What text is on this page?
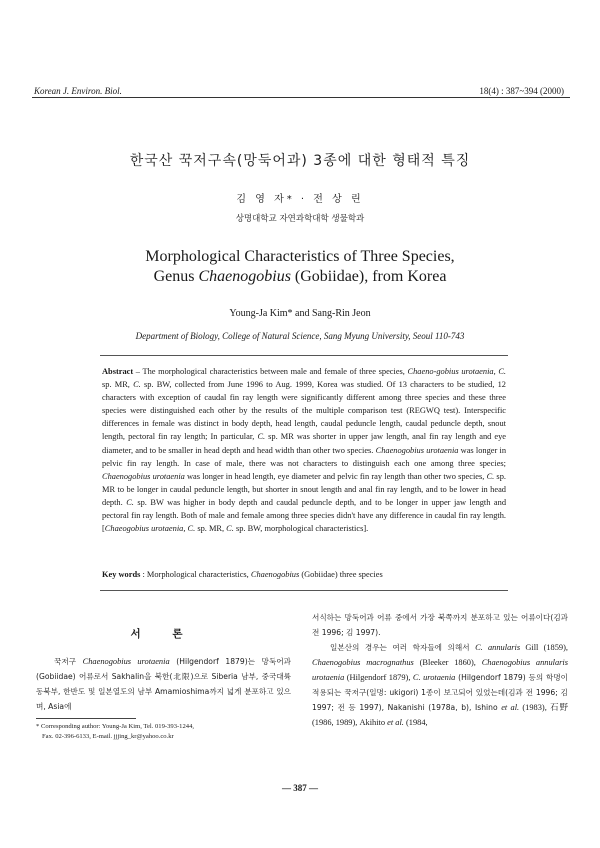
Korean J. Environ. Biol.	18(4) : 387~394 (2000)
한국산 꾹저구속(망둑어과) 3종에 대한 형태적 특징
김 영 자* · 전 상 린
상명대학교 자연과학대학 생물학과
Morphological Characteristics of Three Species,
Genus Chaenogobius (Gobiidae), from Korea
Young-Ja Kim* and Sang-Rin Jeon
Department of Biology, College of Natural Science, Sang Myung University, Seoul 110-743
Abstract – The morphological characteristics between male and female of three species, Chaeno-gobius urotaenia, C. sp. MR, C. sp. BW, collected from June 1996 to Aug. 1999, Korea was studied. Of 13 characters to be studied, 12 characters with exception of caudal fin ray length were significantly different among three species and these three species were distinguished each other by the results of the multiple comparison test (REGWQ test). Interspecific differences in female was distinct in body depth, head length, caudal peduncle length, caudal peduncle depth, snout length, pectoral fin ray length; In particular, C. sp. MR was shorter in upper jaw length, anal fin ray length and eye diameter, and to be smaller in head depth and head width than other two species. Chaenogobius urotaenia was longer in pelvic fin ray length. In case of male, there was not characters to distinguish each one among three species; Chaenogobius urotaenia was longer in head length, eye diameter and pelvic fin ray length than other two species, C. sp. MR to be longer in caudal peduncle length, but shorter in snout length and anal fin ray length, and to be lower in head depth. C. sp. BW was higher in body depth and caudal peduncle depth, and to be longer in upper jaw length and pectoral fin ray length. Both of male and female among three species didn't have any difference in caudal fin ray length. [Chaeogobius urotaenia, C. sp. MR, C. sp. BW, morphological characteristics].
Key words : Morphological characteristics, Chaenogobius (Gobiidae) three species
서 론
꾹저구 Chaenogobius urotaenia (Hilgendorf 1879)는 망둑어과(Gobiidae) 어류로서 Sakhalin을 북한(北限)으로 Siberia 남부, 중국대륙 동북부, 한반도 및 일본열도의 남부 Amamioshima까지 넓게 분포하고 있으며, Asia에
* Corresponding author: Young-Ja Kim, Tel. 019-393-1244,
Fax. 02-396-6133, E-mail. jjjing_kr@yahoo.co.kr
서식하는 망둑어과 어류 중에서 가장 북쪽까지 분포하고 있는 어류이다(김과 전 1996; 김 1997).
일본산의 경우는 여러 학자들에 의해서 C. annularis Gill (1859), Chaenogobius macrognathus (Bleeker 1860), Chaenogobius annularis urotaenia (Hilgendorf 1879), C. urotaenia (Hilgendorf 1879) 등의 학명이 적용되는 꾹저구(일명: ukigori) 1종이 보고되어 있었는데(김과 전 1996; 김 1997; 전 등 1997), Nakanishi (1978a, b), Ishino et al. (1983), 石野 (1986, 1989), Akihito et al. (1984,
— 387 —
